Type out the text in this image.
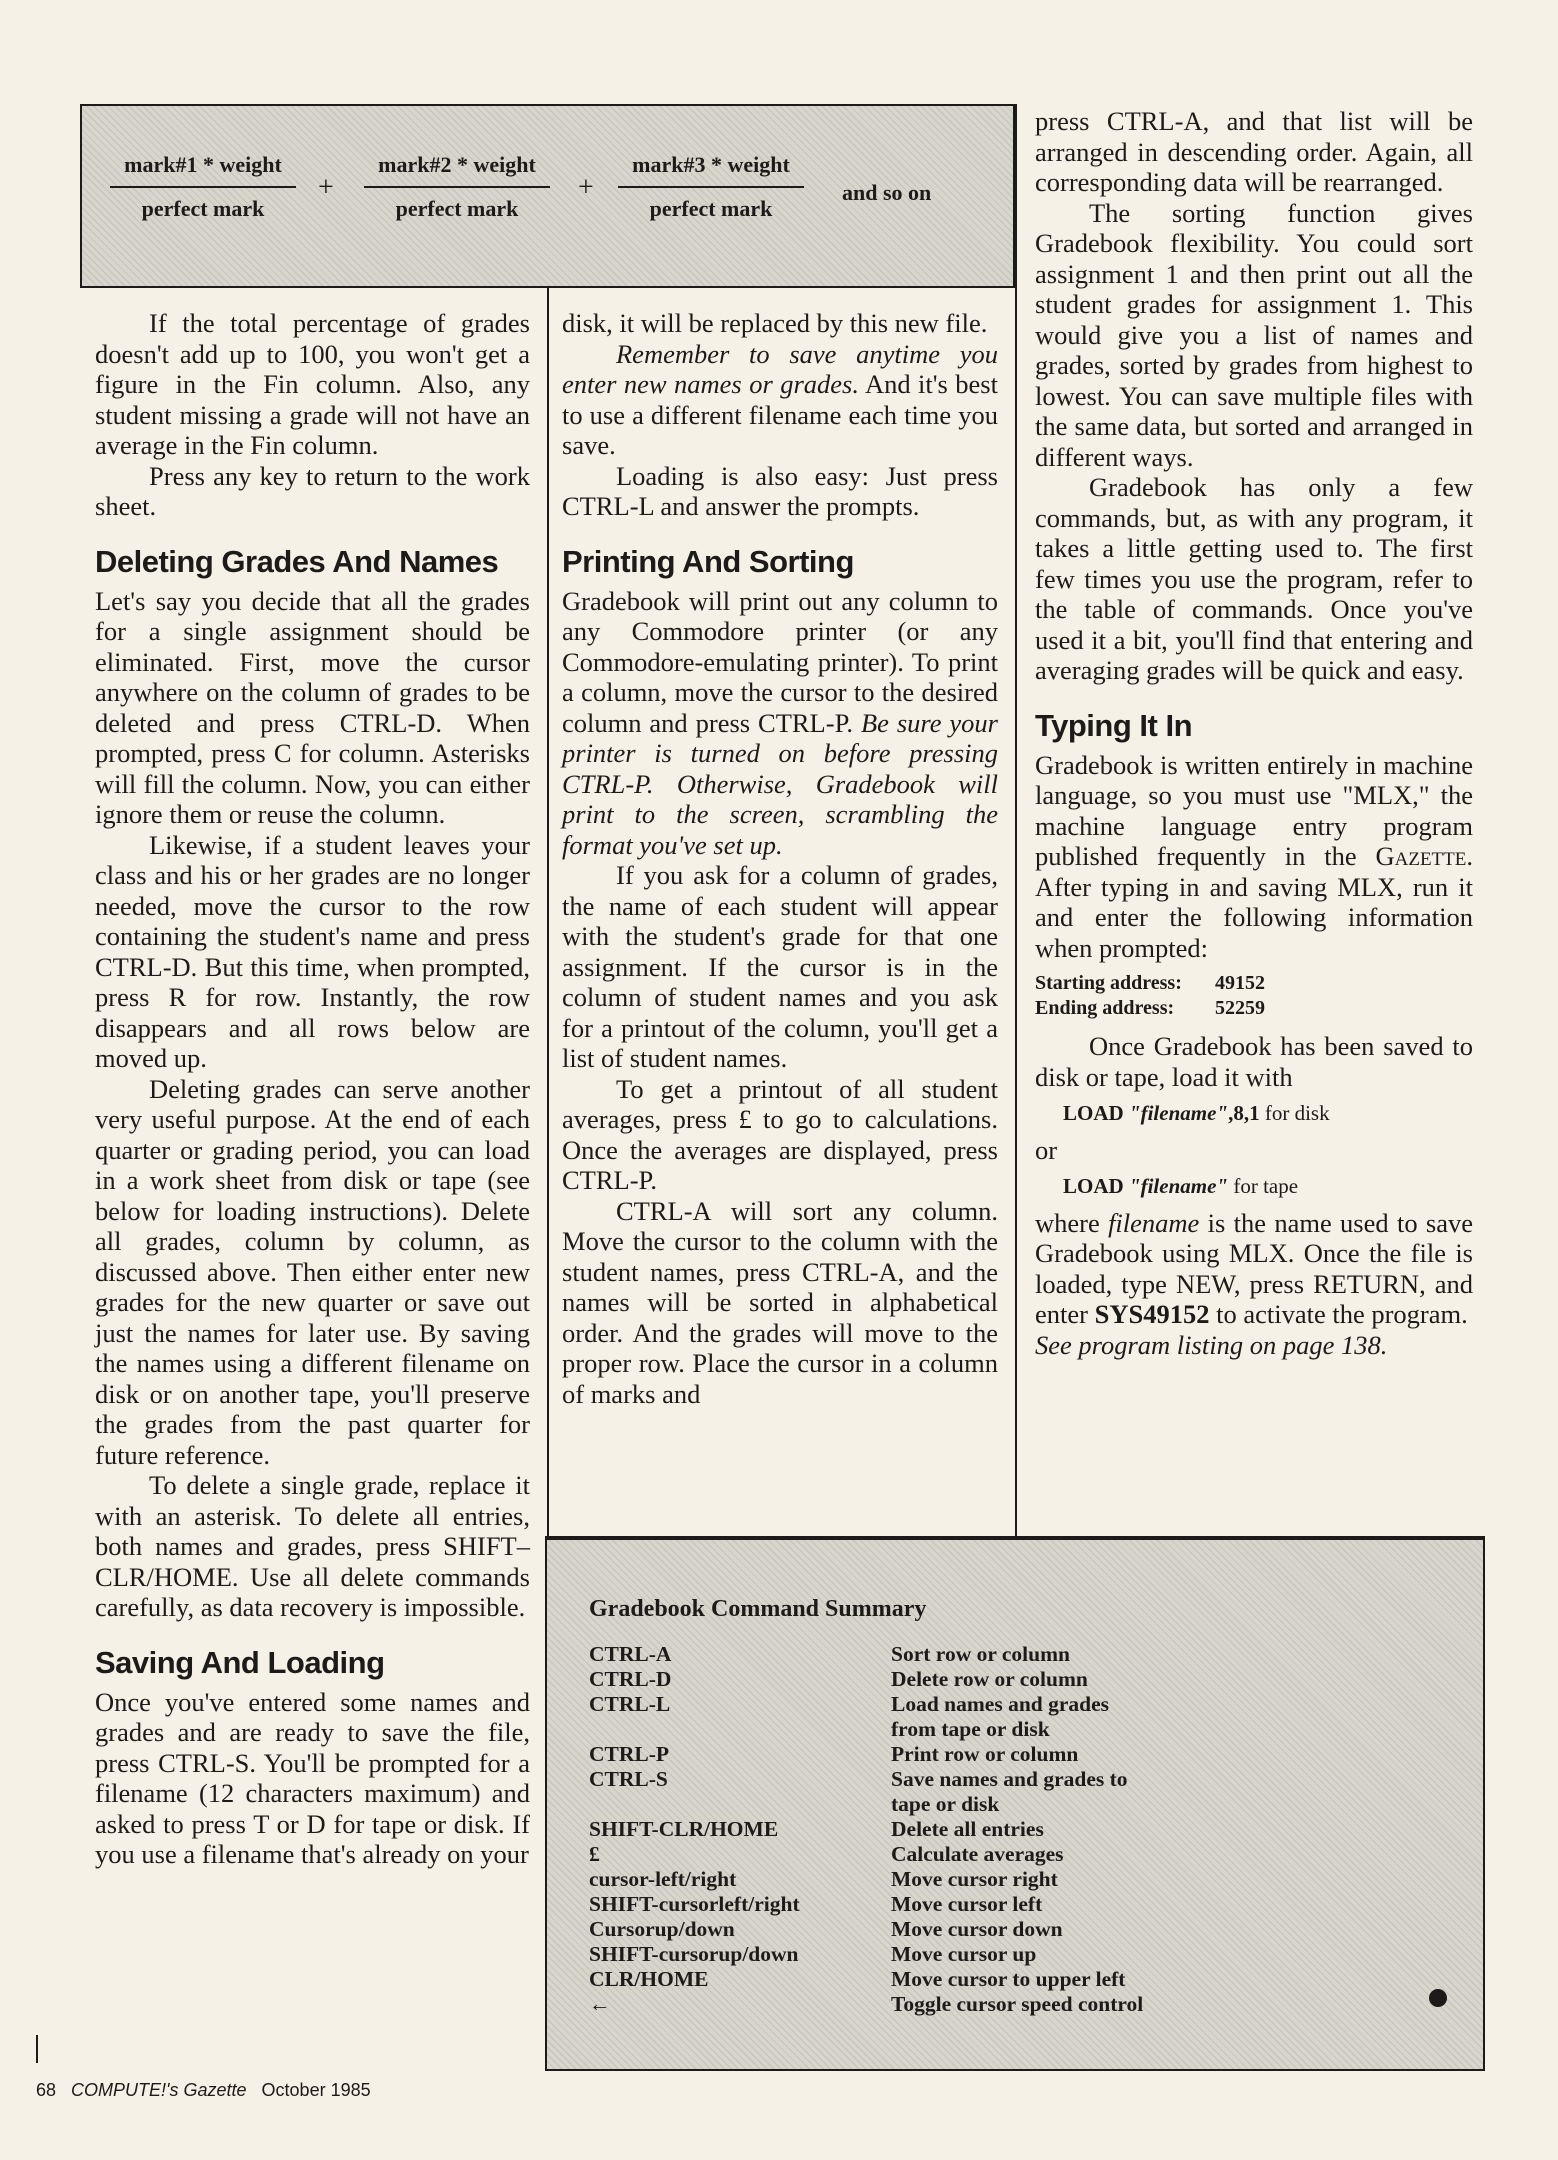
mark#1 * weight
perfect mark
+
mark#2 * weight
perfect mark
+
mark#3 * weight
perfect mark
and so on

If the total percentage of grades doesn't add up to 100, you won't get a figure in the Fin column. Also, any student missing a grade will not have an average in the Fin column.

Press any key to return to the work sheet.

Deleting Grades And Names

Let's say you decide that all the grades for a single assignment should be eliminated. First, move the cursor anywhere on the column of grades to be deleted and press CTRL-D. When prompted, press C for column. Asterisks will fill the column. Now, you can either ignore them or reuse the column.

Likewise, if a student leaves your class and his or her grades are no longer needed, move the cursor to the row containing the student's name and press CTRL-D. But this time, when prompted, press R for row. Instantly, the row disappears and all rows below are moved up.

Deleting grades can serve another very useful purpose. At the end of each quarter or grading period, you can load in a work sheet from disk or tape (see below for loading instructions). Delete all grades, column by column, as discussed above. Then either enter new grades for the new quarter or save out just the names for later use. By saving the names using a different filename on disk or on another tape, you'll preserve the grades from the past quarter for future reference.

To delete a single grade, replace it with an asterisk. To delete all entries, both names and grades, press SHIFT–CLR/HOME. Use all delete commands carefully, as data recovery is impossible.

Saving And Loading

Once you've entered some names and grades and are ready to save the file, press CTRL-S. You'll be prompted for a filename (12 characters maximum) and asked to press T or D for tape or disk. If you use a filename that's already on your

disk, it will be replaced by this new file.

Remember to save anytime you enter new names or grades. And it's best to use a different filename each time you save.

Loading is also easy: Just press CTRL-L and answer the prompts.

Printing And Sorting

Gradebook will print out any column to any Commodore printer (or any Commodore-emulating printer). To print a column, move the cursor to the desired column and press CTRL-P. Be sure your printer is turned on before pressing CTRL-P. Otherwise, Gradebook will print to the screen, scrambling the format you've set up.

If you ask for a column of grades, the name of each student will appear with the student's grade for that one assignment. If the cursor is in the column of student names and you ask for a printout of the column, you'll get a list of student names.

To get a printout of all student averages, press £ to go to calculations. Once the averages are displayed, press CTRL-P.

CTRL-A will sort any column. Move the cursor to the column with the student names, press CTRL-A, and the names will be sorted in alphabetical order. And the grades will move to the proper row. Place the cursor in a column of marks and

press CTRL-A, and that list will be arranged in descending order. Again, all corresponding data will be rearranged.

The sorting function gives Gradebook flexibility. You could sort assignment 1 and then print out all the student grades for assignment 1. This would give you a list of names and grades, sorted by grades from highest to lowest. You can save multiple files with the same data, but sorted and arranged in different ways.

Gradebook has only a few commands, but, as with any program, it takes a little getting used to. The first few times you use the program, refer to the table of commands. Once you've used it a bit, you'll find that entering and averaging grades will be quick and easy.

Typing It In

Gradebook is written entirely in machine language, so you must use "MLX," the machine language entry program published frequently in the Gazette. After typing in and saving MLX, run it and enter the following information when prompted:

Starting address: 49152
Ending address: 52259

Once Gradebook has been saved to disk or tape, load it with

LOAD "filename",8,1 for disk

or

LOAD "filename" for tape

where filename is the name used to save Gradebook using MLX. Once the file is loaded, type NEW, press RETURN, and enter SYS49152 to activate the program.

See program listing on page 138.

Gradebook Command Summary
CTRL-A	Sort row or column
CTRL-D	Delete row or column
CTRL-L	Load names and grades
from tape or disk
CTRL-P	Print row or column
CTRL-S	Save names and grades to
tape or disk
SHIFT-CLR/HOME	Delete all entries
£	Calculate averages
cursor-left/right	Move cursor right
SHIFT-cursorleft/right	Move cursor left
Cursorup/down	Move cursor down
SHIFT-cursorup/down	Move cursor up
CLR/HOME	Move cursor to upper left
←	Toggle cursor speed control
68 COMPUTE!'s Gazette October 1985
